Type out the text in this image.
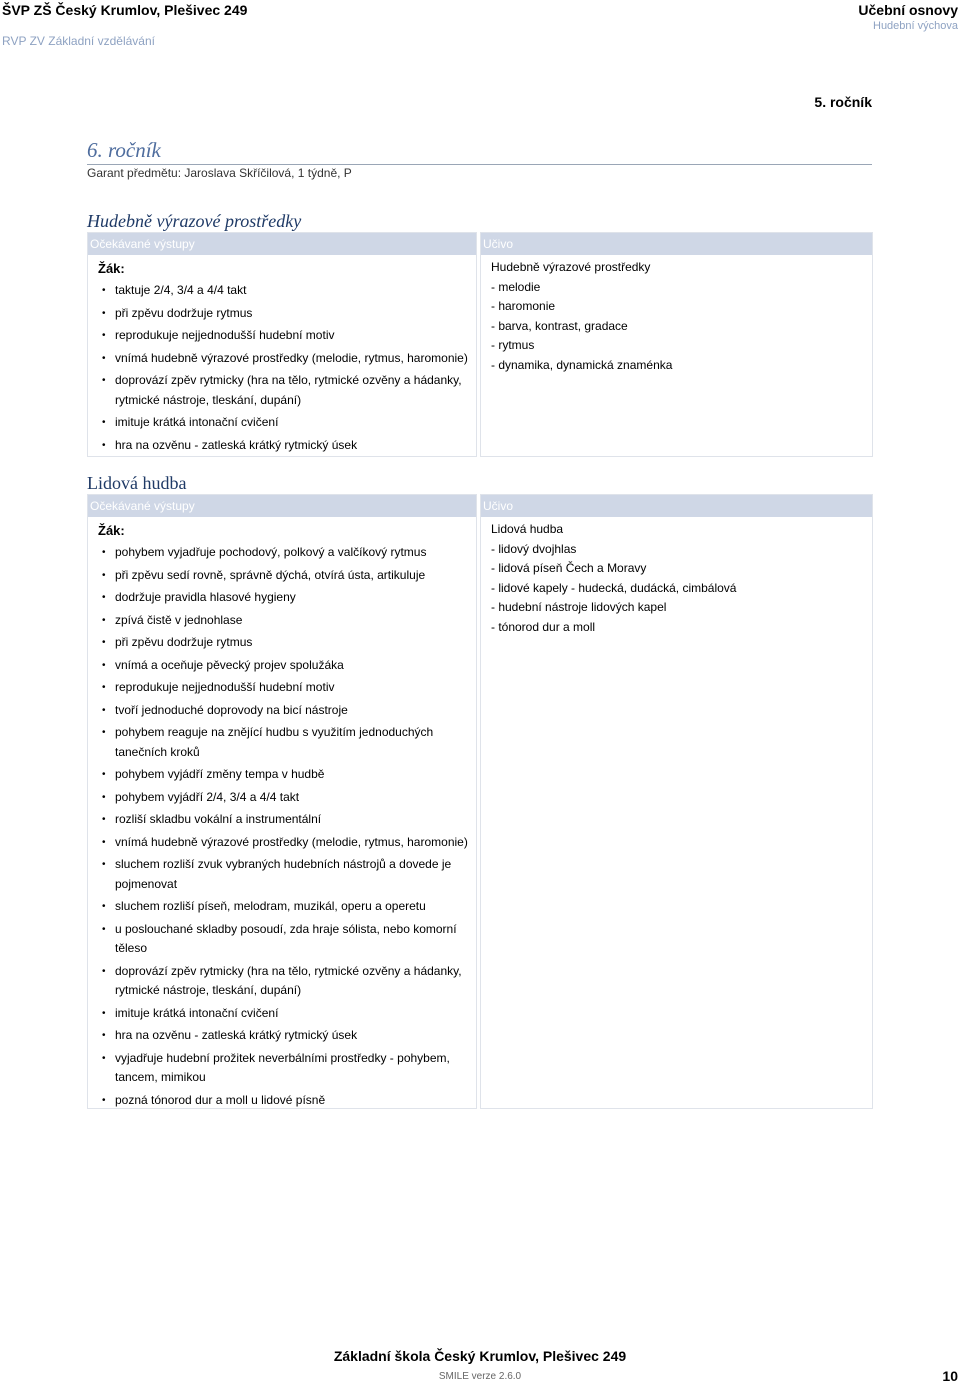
ŠVP ZŠ Český Krumlov, Plešivec 249
RVP ZV Základní vzdělávání
Učební osnovy
Hudební výchova
5. ročník
6. ročník
Garant předmětu: Jaroslava Skříčilová, 1 týdně, P
Hudebně výrazové prostředky
Očekávané výstupy
Žák:
• taktuje 2/4, 3/4 a 4/4 takt
• při zpěvu dodržuje rytmus
• reprodukuje nejjednodušší hudební motiv
• vnímá hudebně výrazové prostředky (melodie, rytmus, haromonie)
• doprovází zpěv rytmicky (hra na tělo, rytmické ozvěny a hádanky, rytmické nástroje, tleskání, dupání)
• imituje krátká intonační cvičení
• hra na ozvěnu - zatleská krátký rytmický úsek
Učivo
Hudebně výrazové prostředky
- melodie
- haromonie
- barva, kontrast, gradace
- rytmus
- dynamika, dynamická znaménka
Lidová hudba
Očekávané výstupy
Žák:
• pohybem vyjadřuje pochodový, polkový a valčíkový rytmus
• při zpěvu sedí rovně, správně dýchá, otvírá ústa, artikuluje
• dodržuje pravidla hlasové hygieny
• zpívá čistě v jednohlase
• při zpěvu dodržuje rytmus
• vnímá a oceňuje pěvecký projev spolužáka
• reprodukuje nejjednodušší hudební motiv
• tvoří jednoduché doprovody na bicí nástroje
• pohybem reaguje na znějící hudbu s využitím jednoduchých tanečních kroků
• pohybem vyjádří změny tempa v hudbě
• pohybem vyjádří 2/4, 3/4 a 4/4 takt
• rozliší skladbu vokální a instrumentální
• vnímá hudebně výrazové prostředky (melodie, rytmus, haromonie)
• sluchem rozliší zvuk vybraných hudebních nástrojů a dovede je pojmenovat
• sluchem rozliší píseň, melodram, muzikál, operu a operetu
• u poslouchané skladby posoudí, zda hraje sólista, nebo komorní těleso
• doprovází zpěv rytmicky (hra na tělo, rytmické ozvěny a hádanky, rytmické nástroje, tleskání, dupání)
• imituje krátká intonační cvičení
• hra na ozvěnu - zatleská krátký rytmický úsek
• vyjadřuje hudební prožitek neverbálními prostředky - pohybem, tancem, mimikou
• pozná tónorod dur a moll u lidové písně
Učivo
Lidová hudba
- lidový dvojhlas
- lidová píseň Čech a Moravy
- lidové kapely - hudecká, dudácká, cimbálová
- hudební nástroje lidových kapel
- tónorod dur a moll
Základní škola Český Krumlov, Plešivec 249
SMILE verze 2.6.0	10
